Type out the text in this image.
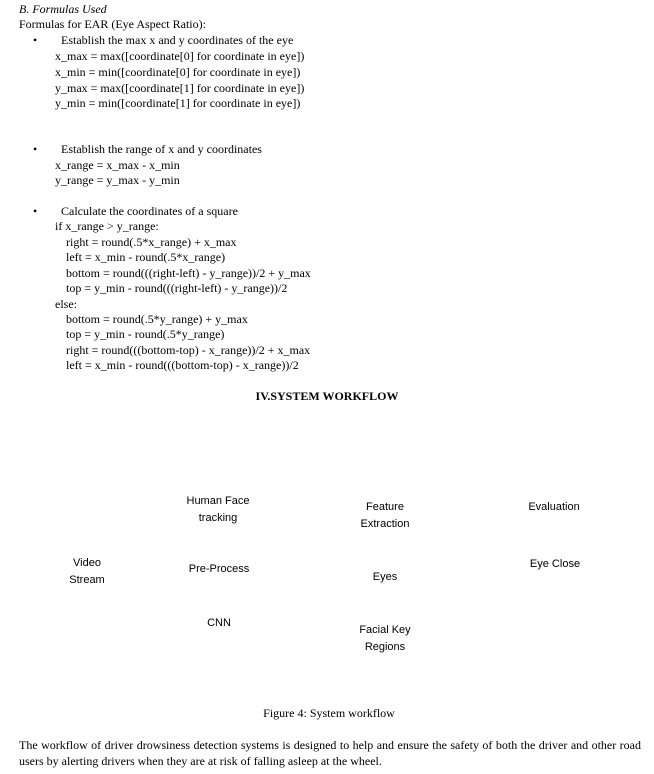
B. Formulas Used
Formulas for EAR (Eye Aspect Ratio):
• Establish the max x and y coordinates of the eye
x_max = max([coordinate[0] for coordinate in eye])
x_min = min([coordinate[0] for coordinate in eye])
y_max = max([coordinate[1] for coordinate in eye])
y_min = min([coordinate[1] for coordinate in eye])
• Establish the range of x and y coordinates
x_range = x_max - x_min
y_range = y_max - y_min
• Calculate the coordinates of a square
if x_range > y_range:
right = round(.5*x_range) + x_max
left = x_min - round(.5*x_range)
bottom = round(((right-left) - y_range))/2 + y_max
top = y_min - round(((right-left) - y_range))/2
else:
bottom = round(.5*y_range) + y_max
top = y_min - round(.5*y_range)
right = round(((bottom-top) - x_range))/2 + x_max
left = x_min - round(((bottom-top) - x_range))/2
IV.SYSTEM WORKFLOW
Video
Stream
Human Face
tracking
Pre-Process
CNN
Feature
Extraction
Eyes
Facial Key
Regions
Evaluation
Eye Close
Figure 4: System workflow
The workflow of driver drowsiness detection systems is designed to help and ensure the safety of both the driver and other road users by alerting drivers when they are at risk of falling asleep at the wheel.
